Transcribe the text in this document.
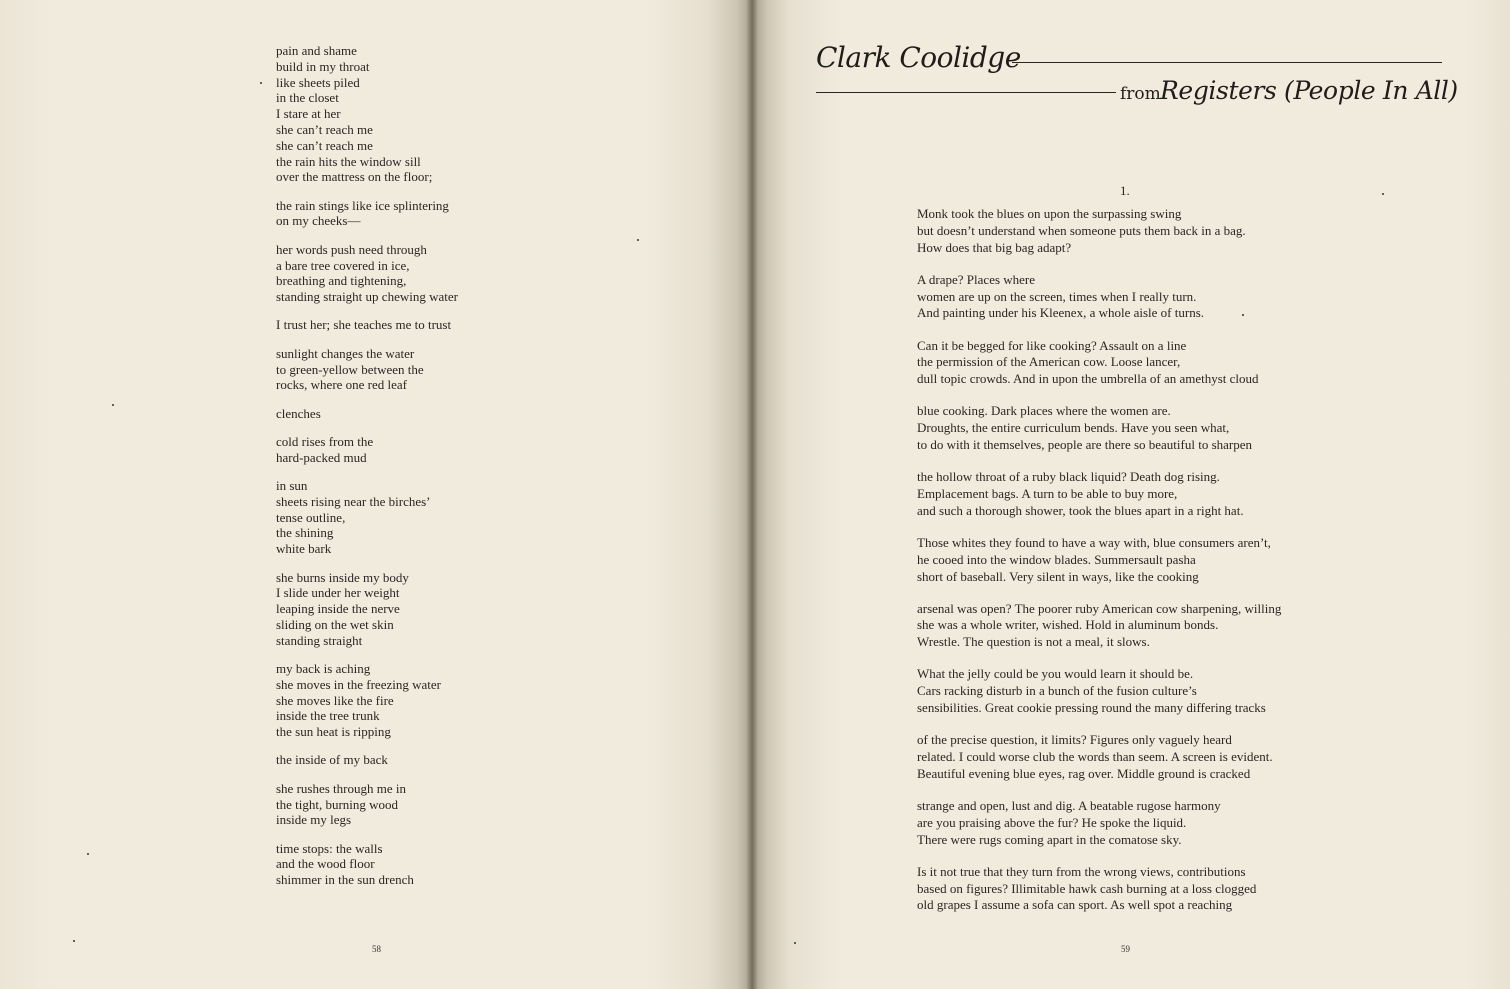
pain and shame
build in my throat
like sheets piled
in the closet
I stare at her
she can’t reach me
she can’t reach me
the rain hits the window sill
over the mattress on the floor;
the rain stings like ice splintering
on my cheeks—
her words push need through
a bare tree covered in ice,
breathing and tightening,
standing straight up chewing water
I trust her; she teaches me to trust
sunlight changes the water
to green-yellow between the
rocks, where one red leaf
clenches
cold rises from the
hard-packed mud
in sun
sheets rising near the birches’
tense outline,
the shining
white bark
she burns inside my body
I slide under her weight
leaping inside the nerve
sliding on the wet skin
standing straight
my back is aching
she moves in the freezing water
she moves like the fire
inside the tree trunk
the sun heat is ripping
the inside of my back
she rushes through me in
the tight, burning wood
inside my legs
time stops: the walls
and the wood floor
shimmer in the sun drench
58
Clark Coolidge
from Registers (People In All)
1.
Monk took the blues on upon the surpassing swing
but doesn’t understand when someone puts them back in a bag.
How does that big bag adapt?
A drape? Places where
women are up on the screen, times when I really turn.
And painting under his Kleenex, a whole aisle of turns.
Can it be begged for like cooking? Assault on a line
the permission of the American cow. Loose lancer,
dull topic crowds. And in upon the umbrella of an amethyst cloud
blue cooking. Dark places where the women are.
Droughts, the entire curriculum bends. Have you seen what,
to do with it themselves, people are there so beautiful to sharpen
the hollow throat of a ruby black liquid? Death dog rising.
Emplacement bags. A turn to be able to buy more,
and such a thorough shower, took the blues apart in a right hat.
Those whites they found to have a way with, blue consumers aren’t,
he cooed into the window blades. Summersault pasha
short of baseball. Very silent in ways, like the cooking
arsenal was open? The poorer ruby American cow sharpening, willing
she was a whole writer, wished. Hold in aluminum bonds.
Wrestle. The question is not a meal, it slows.
What the jelly could be you would learn it should be.
Cars racking disturb in a bunch of the fusion culture’s
sensibilities. Great cookie pressing round the many differing tracks
of the precise question, it limits? Figures only vaguely heard
related. I could worse club the words than seem. A screen is evident.
Beautiful evening blue eyes, rag over. Middle ground is cracked
strange and open, lust and dig. A beatable rugose harmony
are you praising above the fur? He spoke the liquid.
There were rugs coming apart in the comatose sky.
Is it not true that they turn from the wrong views, contributions
based on figures? Illimitable hawk cash burning at a loss clogged
old grapes I assume a sofa can sport. As well spot a reaching
59
